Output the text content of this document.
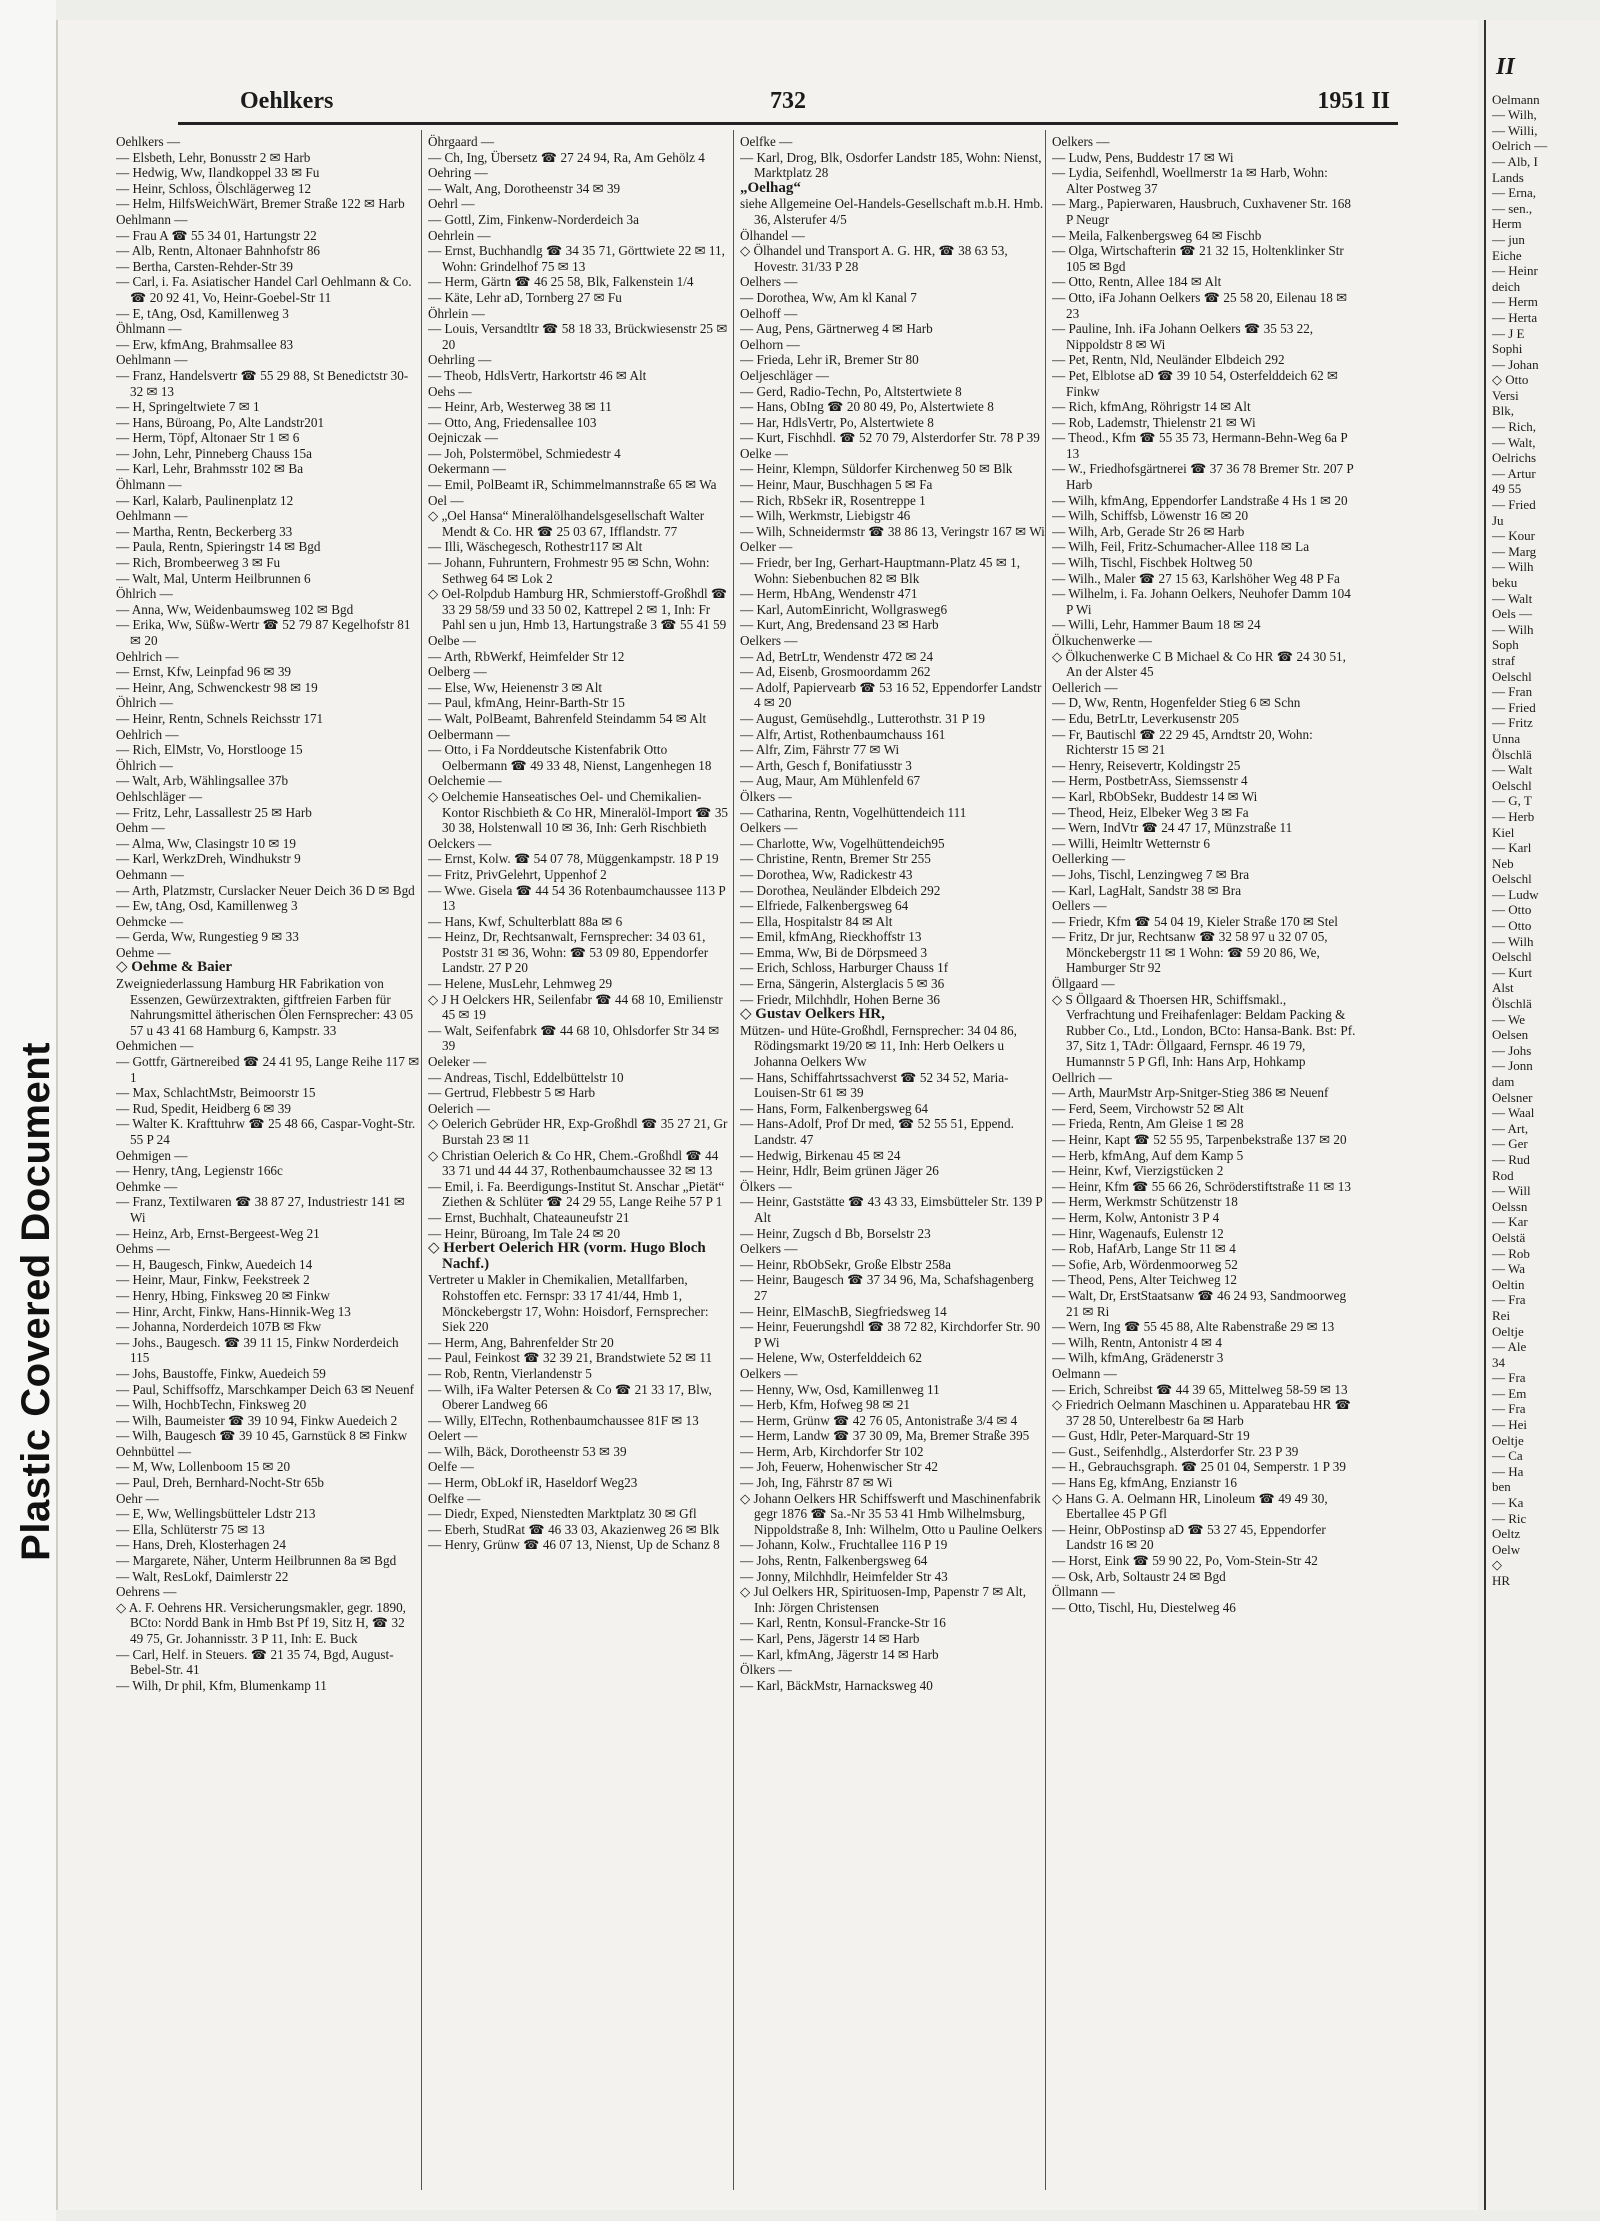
Plastic Covered Document
Oehlkers	732	1951 II

Oehlkers —

— Elsbeth, Lehr, Bonusstr 2 ✉ Harb

— Hedwig, Ww, Ilandkoppel 33 ✉ Fu

— Heinr, Schloss, Ölschlägerweg 12

— Helm, HilfsWeichWärt, Bremer Straße 122 ✉ Harb

Oehlmann —

— Frau A ☎ 55 34 01, Hartungstr 22

— Alb, Rentn, Altonaer Bahnhofstr 86

— Bertha, Carsten-Rehder-Str 39

— Carl, i. Fa. Asiatischer Handel Carl Oehlmann & Co. ☎ 20 92 41, Vo, Heinr-Goebel-Str 11

— E, tAng, Osd, Kamillenweg 3

Öhlmann —

— Erw, kfmAng, Brahmsallee 83

Oehlmann —

— Franz, Handelsvertr ☎ 55 29 88, St Benedictstr 30-32 ✉ 13

— H, Springeltwiete 7 ✉ 1

— Hans, Büroang, Po, Alte Landstr201

— Herm, Töpf, Altonaer Str 1 ✉ 6

— John, Lehr, Pinneberg Chauss 15a

— Karl, Lehr, Brahmsstr 102 ✉ Ba

Öhlmann —

— Karl, Kalarb, Paulinenplatz 12

Oehlmann —

— Martha, Rentn, Beckerberg 33

— Paula, Rentn, Spieringstr 14 ✉ Bgd

— Rich, Brombeerweg 3 ✉ Fu

— Walt, Mal, Unterm Heilbrunnen 6

Öhlrich —

— Anna, Ww, Weidenbaumsweg 102 ✉ Bgd

— Erika, Ww, Süßw-Wertr ☎ 52 79 87 Kegelhofstr 81 ✉ 20

Oehlrich —

— Ernst, Kfw, Leinpfad 96 ✉ 39

— Heinr, Ang, Schwenckestr 98 ✉ 19

Öhlrich —

— Heinr, Rentn, Schnels Reichsstr 171

Oehlrich —

— Rich, ElMstr, Vo, Horstlooge 15

Öhlrich —

— Walt, Arb, Wählingsallee 37b

Oehlschläger —

— Fritz, Lehr, Lassallestr 25 ✉ Harb

Oehm —

— Alma, Ww, Clasingstr 10 ✉ 19

— Karl, WerkzDreh, Windhukstr 9

Oehmann —

— Arth, Platzmstr, Curslacker Neuer Deich 36 D ✉ Bgd

— Ew, tAng, Osd, Kamillenweg 3

Oehmcke —

— Gerda, Ww, Rungestieg 9 ✉ 33

Oehme —

◇ Oehme & Baier

Zweigniederlassung Hamburg HR Fabrikation von Essenzen, Gewürzextrakten, giftfreien Farben für Nahrungsmittel ätherischen Ölen Fernsprecher: 43 05 57 u 43 41 68 Hamburg 6, Kampstr. 33

Oehmichen —

— Gottfr, Gärtnereibed ☎ 24 41 95, Lange Reihe 117 ✉ 1

— Max, SchlachtMstr, Beimoorstr 15

— Rud, Spedit, Heidberg 6 ✉ 39

— Walter K. Krafttuhrw ☎ 25 48 66, Caspar-Voght-Str. 55 P 24

Oehmigen —

— Henry, tAng, Legienstr 166c

Oehmke —

— Franz, Textilwaren ☎ 38 87 27, Industriestr 141 ✉ Wi

— Heinz, Arb, Ernst-Bergeest-Weg 21

Oehms —

— H, Baugesch, Finkw, Auedeich 14

— Heinr, Maur, Finkw, Feekstreek 2

— Henry, Hbing, Finksweg 20 ✉ Finkw

— Hinr, Archt, Finkw, Hans-Hinnik-Weg 13

— Johanna, Norderdeich 107B ✉ Fkw

— Johs., Baugesch. ☎ 39 11 15, Finkw Norderdeich 115

— Johs, Baustoffe, Finkw, Auedeich 59

— Paul, Schiffsoffz, Marschkamper Deich 63 ✉ Neuenf

— Wilh, HochbTechn, Finksweg 20

— Wilh, Baumeister ☎ 39 10 94, Finkw Auedeich 2

— Wilh, Baugesch ☎ 39 10 45, Garnstück 8 ✉ Finkw

Oehnbüttel —

— M, Ww, Lollenboom 15 ✉ 20

— Paul, Dreh, Bernhard-Nocht-Str 65b

Oehr —

— E, Ww, Wellingsbütteler Ldstr 213

— Ella, Schlüterstr 75 ✉ 13

— Hans, Dreh, Klosterhagen 24

— Margarete, Näher, Unterm Heilbrunnen 8a ✉ Bgd

— Walt, ResLokf, Daimlerstr 22

Oehrens —

◇ A. F. Oehrens HR. Versicherungsmakler, gegr. 1890, BCto: Nordd Bank in Hmb Bst Pf 19, Sitz H, ☎ 32 49 75, Gr. Johannisstr. 3 P 11, Inh: E. Buck

— Carl, Helf. in Steuers. ☎ 21 35 74, Bgd, August-Bebel-Str. 41

— Wilh, Dr phil, Kfm, Blumenkamp 11

Öhrgaard —

— Ch, Ing, Übersetz ☎ 27 24 94, Ra, Am Gehölz 4

Oehring —

— Walt, Ang, Dorotheenstr 34 ✉ 39

Oehrl —

— Gottl, Zim, Finkenw-Norderdeich 3a

Oehrlein —

— Ernst, Buchhandlg ☎ 34 35 71, Görttwiete 22 ✉ 11, Wohn: Grindelhof 75 ✉ 13

— Herm, Gärtn ☎ 46 25 58, Blk, Falkenstein 1/4

— Käte, Lehr aD, Tornberg 27 ✉ Fu

Öhrlein —

— Louis, Versandtltr ☎ 58 18 33, Brückwiesenstr 25 ✉ 20

Oehrling —

— Theob, HdlsVertr, Harkortstr 46 ✉ Alt

Oehs —

— Heinr, Arb, Westerweg 38 ✉ 11

— Otto, Ang, Friedensallee 103

Oejniczak —

— Joh, Polstermöbel, Schmiedestr 4

Oekermann —

— Emil, PolBeamt iR, Schimmelmannstraße 65 ✉ Wa

Oel —

◇ „Oel Hansa“ Mineralölhandelsgesellschaft Walter Mendt & Co. HR ☎ 25 03 67, Ifflandstr. 77

— Illi, Wäschegesch, Rothestr117 ✉ Alt

— Johann, Fuhruntern, Frohmestr 95 ✉ Schn, Wohn: Sethweg 64 ✉ Lok 2

◇ Oel-Rolpdub Hamburg HR, Schmierstoff-Großhdl ☎ 33 29 58/59 und 33 50 02, Kattrepel 2 ✉ 1, Inh: Fr Pahl sen u jun, Hmb 13, Hartungstraße 3 ☎ 55 41 59

Oelbe —

— Arth, RbWerkf, Heimfelder Str 12

Oelberg —

— Else, Ww, Heienenstr 3 ✉ Alt

— Paul, kfmAng, Heinr-Barth-Str 15

— Walt, PolBeamt, Bahrenfeld Steindamm 54 ✉ Alt

Oelbermann —

— Otto, i Fa Norddeutsche Kistenfabrik Otto Oelbermann ☎ 49 33 48, Nienst, Langenhegen 18

Oelchemie —

◇ Oelchemie Hanseatisches Oel- und Chemikalien-Kontor Rischbieth & Co HR, Mineralöl-Import ☎ 35 30 38, Holstenwall 10 ✉ 36, Inh: Gerh Rischbieth

Oelckers —

— Ernst, Kolw. ☎ 54 07 78, Müggenkampstr. 18 P 19

— Fritz, PrivGelehrt, Uppenhof 2

— Wwe. Gisela ☎ 44 54 36 Rotenbaumchaussee 113 P 13

— Hans, Kwf, Schulterblatt 88a ✉ 6

— Heinz, Dr, Rechtsanwalt, Fernsprecher: 34 03 61, Poststr 31 ✉ 36, Wohn: ☎ 53 09 80, Eppendorfer Landstr. 27 P 20

— Helene, MusLehr, Lehmweg 29

◇ J H Oelckers HR, Seilenfabr ☎ 44 68 10, Emilienstr 45 ✉ 19

— Walt, Seifenfabrk ☎ 44 68 10, Ohlsdorfer Str 34 ✉ 39

Oeleker —

— Andreas, Tischl, Eddelbüttelstr 10

— Gertrud, Flebbestr 5 ✉ Harb

Oelerich —

◇ Oelerich Gebrüder HR, Exp-Großhdl ☎ 35 27 21, Gr Burstah 23 ✉ 11

◇ Christian Oelerich & Co HR, Chem.-Großhdl ☎ 44 33 71 und 44 44 37, Rothenbaumchaussee 32 ✉ 13

— Emil, i. Fa. Beerdigungs-Institut St. Anschar „Pietät“ Ziethen & Schlüter ☎ 24 29 55, Lange Reihe 57 P 1

— Ernst, Buchhalt, Chateauneufstr 21

— Heinr, Büroang, Im Tale 24 ✉ 20

◇ Herbert Oelerich HR (vorm. Hugo Bloch Nachf.)

Vertreter u Makler in Chemikalien, Metallfarben, Rohstoffen etc. Fernspr: 33 17 41/44, Hmb 1, Mönckebergstr 17, Wohn: Hoisdorf, Fernsprecher: Siek 220

— Herm, Ang, Bahrenfelder Str 20

— Paul, Feinkost ☎ 32 39 21, Brandstwiete 52 ✉ 11

— Rob, Rentn, Vierlandenstr 5

— Wilh, iFa Walter Petersen & Co ☎ 21 33 17, Blw, Oberer Landweg 66

— Willy, ElTechn, Rothenbaumchaussee 81F ✉ 13

Oelert —

— Wilh, Bäck, Dorotheenstr 53 ✉ 39

Oelfe —

— Herm, ObLokf iR, Haseldorf Weg23

Oelfke —

— Diedr, Exped, Nienstedten Marktplatz 30 ✉ Gfl

— Eberh, StudRat ☎ 46 33 03, Akazienweg 26 ✉ Blk

— Henry, Grünw ☎ 46 07 13, Nienst, Up de Schanz 8

Oelfke —

— Karl, Drog, Blk, Osdorfer Landstr 185, Wohn: Nienst, Marktplatz 28

„Oelhag“

siehe Allgemeine Oel-Handels-Gesellschaft m.b.H. Hmb. 36, Alsterufer 4/5

Ölhandel —

◇ Ölhandel und Transport A. G. HR, ☎ 38 63 53, Hovestr. 31/33 P 28

Oelhers —

— Dorothea, Ww, Am kl Kanal 7

Oelhoff —

— Aug, Pens, Gärtnerweg 4 ✉ Harb

Oelhorn —

— Frieda, Lehr iR, Bremer Str 80

Oeljeschläger —

— Gerd, Radio-Techn, Po, Altstertwiete 8

— Hans, ObIng ☎ 20 80 49, Po, Alstertwiete 8

— Har, HdlsVertr, Po, Alstertwiete 8

— Kurt, Fischhdl. ☎ 52 70 79, Alsterdorfer Str. 78 P 39

Oelke —

— Heinr, Klempn, Süldorfer Kirchenweg 50 ✉ Blk

— Heinr, Maur, Buschhagen 5 ✉ Fa

— Rich, RbSekr iR, Rosentreppe 1

— Wilh, Werkmstr, Liebigstr 46

— Wilh, Schneidermstr ☎ 38 86 13, Veringstr 167 ✉ Wi

Oelker —

— Friedr, ber Ing, Gerhart-Hauptmann-Platz 45 ✉ 1, Wohn: Siebenbuchen 82 ✉ Blk

— Herm, HbAng, Wendenstr 471

— Karl, AutomEinricht, Wollgrasweg6

— Kurt, Ang, Bredensand 23 ✉ Harb

Oelkers —

— Ad, BetrLtr, Wendenstr 472 ✉ 24

— Ad, Eisenb, Grosmoordamm 262

— Adolf, Papiervearb ☎ 53 16 52, Eppendorfer Landstr 4 ✉ 20

— August, Gemüsehdlg., Lutterothstr. 31 P 19

— Alfr, Artist, Rothenbaumchauss 161

— Alfr, Zim, Fährstr 77 ✉ Wi

— Arth, Gesch f, Bonifatiusstr 3

— Aug, Maur, Am Mühlenfeld 67

Ölkers —

— Catharina, Rentn, Vogelhüttendeich 111

Oelkers —

— Charlotte, Ww, Vogelhüttendeich95

— Christine, Rentn, Bremer Str 255

— Dorothea, Ww, Radickestr 43

— Dorothea, Neuländer Elbdeich 292

— Elfriede, Falkenbergsweg 64

— Ella, Hospitalstr 84 ✉ Alt

— Emil, kfmAng, Rieckhoffstr 13

— Emma, Ww, Bi de Dörpsmeed 3

— Erich, Schloss, Harburger Chauss 1f

— Erna, Sängerin, Alsterglacis 5 ✉ 36

— Friedr, Milchhdlr, Hohen Berne 36

◇ Gustav Oelkers HR,

Mützen- und Hüte-Großhdl, Fernsprecher: 34 04 86, Rödingsmarkt 19/20 ✉ 11, Inh: Herb Oelkers u Johanna Oelkers Ww

— Hans, Schiffahrtssachverst ☎ 52 34 52, Maria-Louisen-Str 61 ✉ 39

— Hans, Form, Falkenbergsweg 64

— Hans-Adolf, Prof Dr med, ☎ 52 55 51, Eppend. Landstr. 47

— Hedwig, Birkenau 45 ✉ 24

— Heinr, Hdlr, Beim grünen Jäger 26

Ölkers —

— Heinr, Gaststätte ☎ 43 43 33, Eimsbütteler Str. 139 P Alt

— Heinr, Zugsch d Bb, Borselstr 23

Oelkers —

— Heinr, RbObSekr, Große Elbstr 258a

— Heinr, Baugesch ☎ 37 34 96, Ma, Schafshagenberg 27

— Heinr, ElMaschB, Siegfriedsweg 14

— Heinr, Feuerungshdl ☎ 38 72 82, Kirchdorfer Str. 90 P Wi

— Helene, Ww, Osterfelddeich 62

Oelkers —

— Henny, Ww, Osd, Kamillenweg 11

— Herb, Kfm, Hofweg 98 ✉ 21

— Herm, Grünw ☎ 42 76 05, Antonistraße 3/4 ✉ 4

— Herm, Landw ☎ 37 30 09, Ma, Bremer Straße 395

— Herm, Arb, Kirchdorfer Str 102

— Joh, Feuerw, Hohenwischer Str 42

— Joh, Ing, Fährstr 87 ✉ Wi

◇ Johann Oelkers HR Schiffswerft und Maschinenfabrik gegr 1876 ☎ Sa.-Nr 35 53 41 Hmb Wilhelmsburg, Nippoldstraße 8, Inh: Wilhelm, Otto u Pauline Oelkers

— Johann, Kolw., Fruchtallee 116 P 19

— Johs, Rentn, Falkenbergsweg 64

— Jonny, Milchhdlr, Heimfelder Str 43

◇ Jul Oelkers HR, Spirituosen-Imp, Papenstr 7 ✉ Alt, Inh: Jörgen Christensen

— Karl, Rentn, Konsul-Francke-Str 16

— Karl, Pens, Jägerstr 14 ✉ Harb

— Karl, kfmAng, Jägerstr 14 ✉ Harb

Ölkers —

— Karl, BäckMstr, Harnacksweg 40

Oelkers —

— Ludw, Pens, Buddestr 17 ✉ Wi

— Lydia, Seifenhdl, Woellmerstr 1a ✉ Harb, Wohn: Alter Postweg 37

— Marg., Papierwaren, Hausbruch, Cuxhavener Str. 168 P Neugr

— Meila, Falkenbergsweg 64 ✉ Fischb

— Olga, Wirtschafterin ☎ 21 32 15, Holtenklinker Str 105 ✉ Bgd

— Otto, Rentn, Allee 184 ✉ Alt

— Otto, iFa Johann Oelkers ☎ 25 58 20, Eilenau 18 ✉ 23

— Pauline, Inh. iFa Johann Oelkers ☎ 35 53 22, Nippoldstr 8 ✉ Wi

— Pet, Rentn, Nld, Neuländer Elbdeich 292

— Pet, Elblotse aD ☎ 39 10 54, Osterfelddeich 62 ✉ Finkw

— Rich, kfmAng, Röhrigstr 14 ✉ Alt

— Rob, Lademstr, Thielenstr 21 ✉ Wi

— Theod., Kfm ☎ 55 35 73, Hermann-Behn-Weg 6a P 13

— W., Friedhofsgärtnerei ☎ 37 36 78 Bremer Str. 207 P Harb

— Wilh, kfmAng, Eppendorfer Landstraße 4 Hs 1 ✉ 20

— Wilh, Schiffsb, Löwenstr 16 ✉ 20

— Wilh, Arb, Gerade Str 26 ✉ Harb

— Wilh, Feil, Fritz-Schumacher-Allee 118 ✉ La

— Wilh, Tischl, Fischbek Holtweg 50

— Wilh., Maler ☎ 27 15 63, Karlshöher Weg 48 P Fa

— Wilhelm, i. Fa. Johann Oelkers, Neuhofer Damm 104 P Wi

— Willi, Lehr, Hammer Baum 18 ✉ 24

Ölkuchenwerke —

◇ Ölkuchenwerke C B Michael & Co HR ☎ 24 30 51, An der Alster 45

Oellerich —

— D, Ww, Rentn, Hogenfelder Stieg 6 ✉ Schn

— Edu, BetrLtr, Leverkusenstr 205

— Fr, Bautischl ☎ 22 29 45, Arndtstr 20, Wohn: Richterstr 15 ✉ 21

— Henry, Reisevertr, Koldingstr 25

— Herm, PostbetrAss, Siemssenstr 4

— Karl, RbObSekr, Buddestr 14 ✉ Wi

— Theod, Heiz, Elbeker Weg 3 ✉ Fa

— Wern, IndVtr ☎ 24 47 17, Münzstraße 11

— Willi, Heimltr Wetternstr 6

Oellerking —

— Johs, Tischl, Lenzingweg 7 ✉ Bra

— Karl, LagHalt, Sandstr 38 ✉ Bra

Oellers —

— Friedr, Kfm ☎ 54 04 19, Kieler Straße 170 ✉ Stel

— Fritz, Dr jur, Rechtsanw ☎ 32 58 97 u 32 07 05, Mönckebergstr 11 ✉ 1 Wohn: ☎ 59 20 86, We, Hamburger Str 92

Öllgaard —

◇ S Öllgaard & Thoersen HR, Schiffsmakl., Verfrachtung und Freihafenlager: Beldam Packing & Rubber Co., Ltd., London, BCto: Hansa-Bank. Bst: Pf. 37, Sitz 1, TAdr: Öllgaard, Fernspr. 46 19 79, Humannstr 5 P Gfl, Inh: Hans Arp, Hohkamp

Oellrich —

— Arth, MaurMstr Arp-Snitger-Stieg 386 ✉ Neuenf

— Ferd, Seem, Virchowstr 52 ✉ Alt

— Frieda, Rentn, Am Gleise 1 ✉ 28

— Heinr, Kapt ☎ 52 55 95, Tarpenbekstraße 137 ✉ 20

— Herb, kfmAng, Auf dem Kamp 5

— Heinr, Kwf, Vierzigstücken 2

— Heinr, Kfm ☎ 55 66 26, Schröderstiftstraße 11 ✉ 13

— Herm, Werkmstr Schützenstr 18

— Herm, Kolw, Antonistr 3 P 4

— Hinr, Wagenaufs, Eulenstr 12

— Rob, HafArb, Lange Str 11 ✉ 4

— Sofie, Arb, Wördenmoorweg 52

— Theod, Pens, Alter Teichweg 12

— Walt, Dr, ErstStaatsanw ☎ 46 24 93, Sandmoorweg 21 ✉ Ri

— Wern, Ing ☎ 55 45 88, Alte Rabenstraße 29 ✉ 13

— Wilh, Rentn, Antonistr 4 ✉ 4

— Wilh, kfmAng, Grädenerstr 3

Oelmann —

— Erich, Schreibst ☎ 44 39 65, Mittelweg 58-59 ✉ 13

◇ Friedrich Oelmann Maschinen u. Apparatebau HR ☎ 37 28 50, Unterelbestr 6a ✉ Harb

— Gust, Hdlr, Peter-Marquard-Str 19

— Gust., Seifenhdlg., Alsterdorfer Str. 23 P 39

— H., Gebrauchsgraph. ☎ 25 01 04, Semperstr. 1 P 39

— Hans Eg, kfmAng, Enzianstr 16

◇ Hans G. A. Oelmann HR, Linoleum ☎ 49 49 30, Ebertallee 45 P Gfl

— Heinr, ObPostinsp aD ☎ 53 27 45, Eppendorfer Landstr 16 ✉ 20

— Horst, Eink ☎ 59 90 22, Po, Vom-Stein-Str 42

— Osk, Arb, Soltaustr 24 ✉ Bgd

Öllmann —

— Otto, Tischl, Hu, Diestelweg 46

II

Oelmann

— Wilh,

— Willi,

Oelrich —

— Alb, I

Lands

— Erna,

— sen.,

Herm

— jun

Eiche

— Heinr

deich

— Herm

— Herta

— J E

Sophi

— Johan

◇ Otto

Versi

Blk,

— Rich,

— Walt,

Oelrichs

— Artur

49 55

— Fried

Ju

— Kour

— Marg

— Wilh

beku

— Walt

Oels —

— Wilh

Soph

straf

Oelschl

— Fran

— Fried

— Fritz

Unna

Ölschlä

— Walt

Oelschl

— G, T

— Herb

Kiel

— Karl

Neb

Oelschl

— Ludw

— Otto

— Otto

— Wilh

Oelschl

— Kurt

Alst

Ölschlä

— We

Oelsen

— Johs

— Jonn

dam

Oelsner

— Waal

— Art,

— Ger

— Rud

Rod

— Will

Oelssn

— Kar

Oelstä

— Rob

— Wa

Oeltin

— Fra

Rei

Oeltje

— Ale

34

— Fra

— Em

— Fra

— Hei

Oeltje

— Ca

— Ha

ben

— Ka

— Ric

Oeltz

Oelw

◇

HR
